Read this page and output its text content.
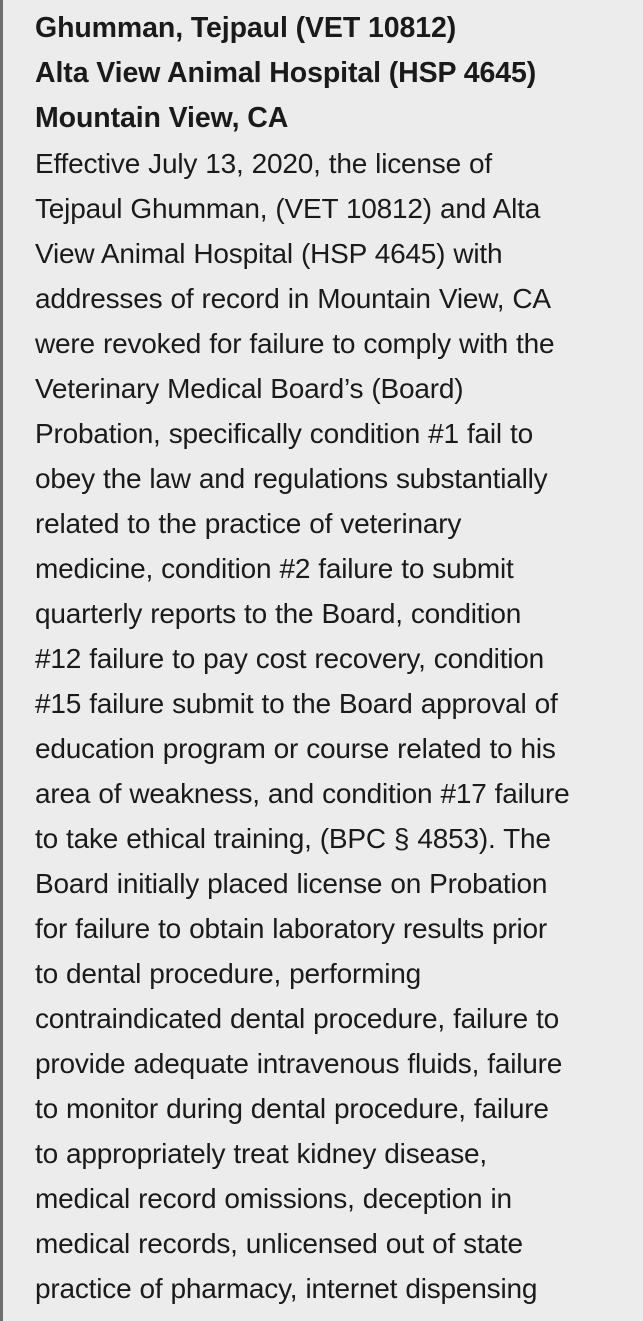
Ghumman, Tejpaul (VET 10812)
Alta View Animal Hospital (HSP 4645)
Mountain View, CA
Effective July 13, 2020, the license of
Tejpaul Ghumman, (VET 10812) and Alta
View Animal Hospital (HSP 4645) with
addresses of record in Mountain View, CA
were revoked for failure to comply with the
Veterinary Medical Board’s (Board)
Probation, specifically condition #1 fail to
obey the law and regulations substantially
related to the practice of veterinary
medicine, condition #2 failure to submit
quarterly reports to the Board, condition
#12 failure to pay cost recovery, condition
#15 failure submit to the Board approval of
education program or course related to his
area of weakness, and condition #17 failure
to take ethical training, (BPC § 4853). The
Board initially placed license on Probation
for failure to obtain laboratory results prior
to dental procedure, performing
contraindicated dental procedure, failure to
provide adequate intravenous fluids, failure
to monitor during dental procedure, failure
to appropriately treat kidney disease,
medical record omissions, deception in
medical records, unlicensed out of state
practice of pharmacy, internet dispensing
